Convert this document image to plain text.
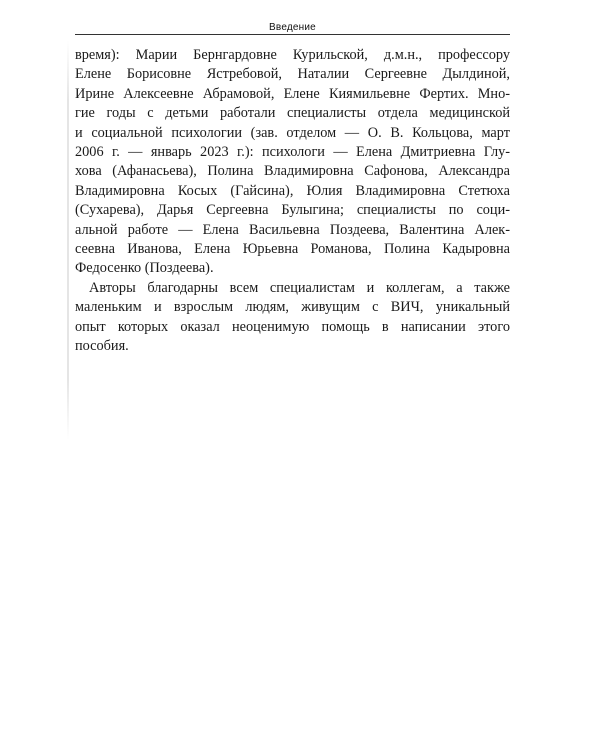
Введение

время): Марии Бернгардовне Курильской, д.м.н., профессору
Елене Борисовне Ястребовой, Наталии Сергеевне Дылдиной,
Ирине Алексеевне Абрамовой, Елене Киямильевне Фертих. Мно-
гие годы с детьми работали специалисты отдела медицинской
и социальной психологии (зав. отделом — О. В. Кольцова, март
2006 г. — январь 2023 г.): психологи — Елена Дмитриевна Глу-
хова (Афанасьева), Полина Владимировна Сафонова, Александра
Владимировна Косых (Гайсина), Юлия Владимировна Стетюха
(Сухарева), Дарья Сергеевна Булыгина; специалисты по соци-
альной работе — Елена Васильевна Поздеева, Валентина Алек-
сеевна Иванова, Елена Юрьевна Романова, Полина Кадыровна
Федосенко (Поздеева).

Авторы благодарны всем специалистам и коллегам, а также
маленьким и взрослым людям, живущим с ВИЧ, уникальный
опыт которых оказал неоценимую помощь в написании этого
пособия.
